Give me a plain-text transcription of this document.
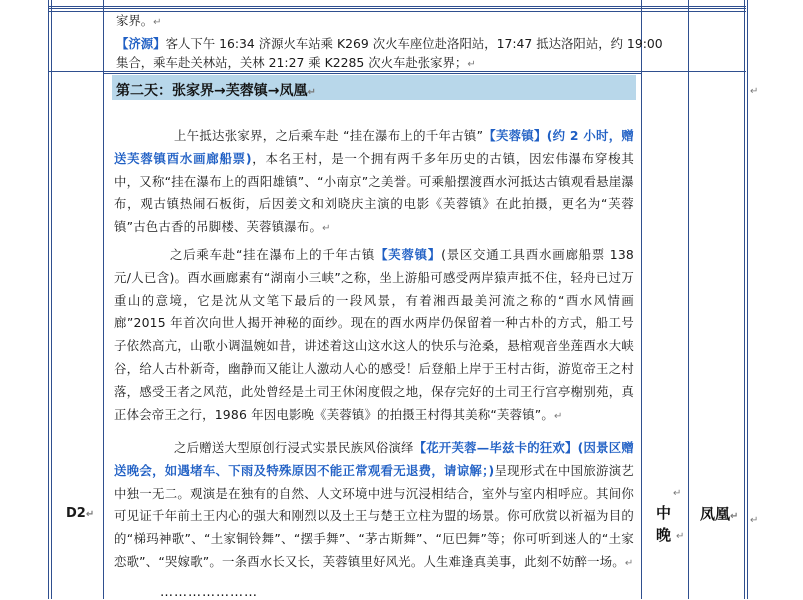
家界。↵
【济源】客人下午 16:34 济源火车站乘 K269 次火车座位赴洛阳站，17:47 抵达洛阳站，约 19:00
集合，乘车赴关林站，关林 21:27 乘 K2285 次火车赴张家界；↵
↵
第二天：张家界→芙蓉镇→凤凰↵
上午抵达张家界，之后乘车赴 “挂在瀑布上的千年古镇”【芙蓉镇】(约 2 小时，赠送芙蓉镇酉水画廊船票)，本名王村，是一个拥有两千多年历史的古镇，因宏伟瀑布穿梭其中，又称“挂在瀑布上的酉阳雄镇”、“小南京”之美誉。可乘船摆渡酉水河抵达古镇观看悬崖瀑布，观古镇热闹石板街，后因姜文和刘晓庆主演的电影《芙蓉镇》在此拍摄，更名为“芙蓉镇”古色古香的吊脚楼、芙蓉镇瀑布。↵
之后乘车赴“挂在瀑布上的千年古镇【芙蓉镇】(景区交通工具酉水画廊船票 138 元/人已含)。酉水画廊素有“湖南小三峡”之称，坐上游船可感受两岸猿声抵不住，轻舟已过万重山的意境，它是沈从文笔下最后的一段风景，有着湘西最美河流之称的“酉水风情画廊”2015 年首次向世人揭开神秘的面纱。现在的酉水两岸仍保留着一种古朴的方式，船工号子依然高亢，山歌小调温婉如昔，讲述着这山这水这人的快乐与沧桑，悬棺观音坐莲酉水大峡谷，给人古朴新奇，幽静而又能让人激动人心的感受！后登船上岸于王村古街，游览帝王之村落，感受王者之风范，此处曾经是土司王休闲度假之地，保存完好的土司王行宫亭榭别苑，真正体会帝王之行，1986 年因电影晚《芙蓉镇》的拍摄王村得其美称“芙蓉镇”。↵
之后赠送大型原创行浸式实景民族风俗演绎【花开芙蓉—毕兹卡的狂欢】(因景区赠送晚会，如遇堵车、下雨及特殊原因不能正常观看无退费，请谅解；)呈现形式在中国旅游演艺中独一无二。观演是在独有的自然、人文环境中进与沉浸相结合，室外与室内相呼应。其间你可见证千年前土王内心的强大和刚烈以及土王与楚王立柱为盟的场景。你可欣赏以祈福为目的的“梯玛神歌”、“土家铜铃舞”、“摆手舞”、“茅古斯舞”、“厄巴舞”等；你可听到迷人的“土家恋歌”、“哭嫁歌”。一条酉水长又长，芙蓉镇里好风光。人生难逢真美事，此刻不妨醉一场。↵
…………………
D2↵
↵
中晚 ↵
凤凰↵ ↵
